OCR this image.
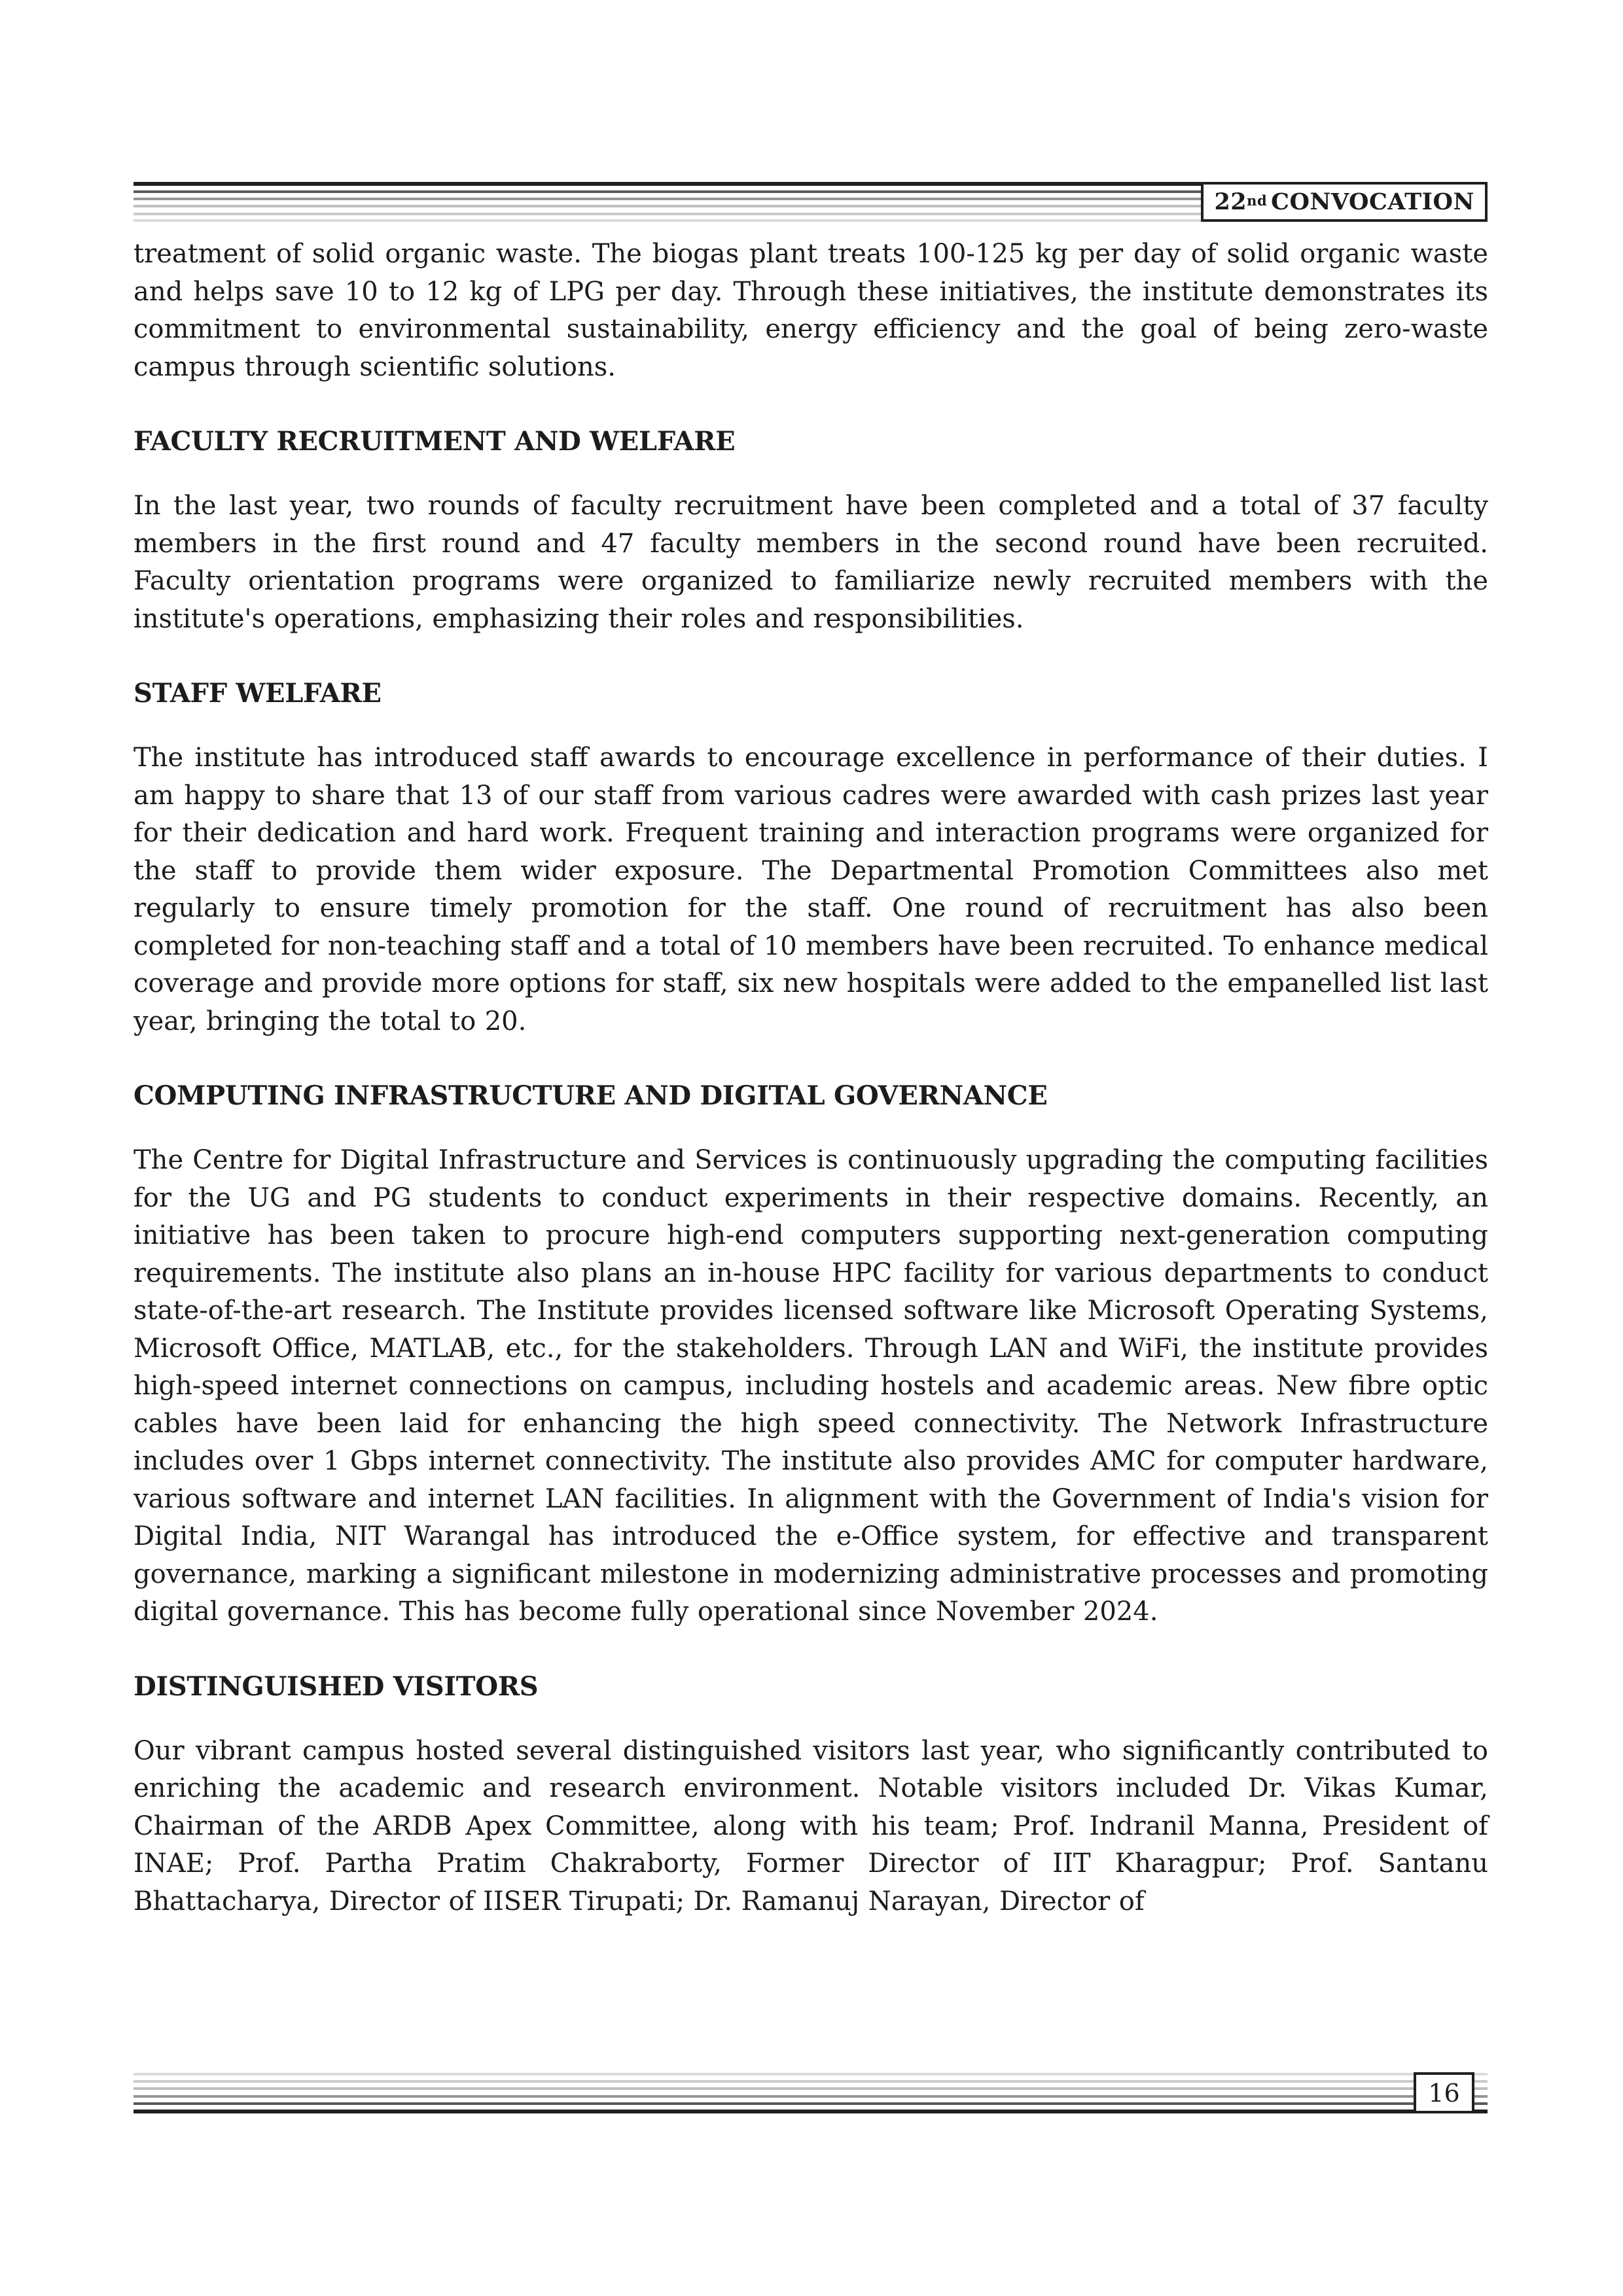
22nd CONVOCATION

treatment of solid organic waste. The biogas plant treats 100-125 kg per day of solid organic waste and helps save 10 to 12 kg of LPG per day. Through these initiatives, the institute demonstrates its commitment to environmental sustainability, energy efficiency and the goal of being zero-waste campus through scientific solutions.

FACULTY RECRUITMENT AND WELFARE

In the last year, two rounds of faculty recruitment have been completed and a total of 37 faculty members in the first round and 47 faculty members in the second round have been recruited. Faculty orientation programs were organized to familiarize newly recruited members with the institute's operations, emphasizing their roles and responsibilities.

STAFF WELFARE

The institute has introduced staff awards to encourage excellence in performance of their duties. I am happy to share that 13 of our staff from various cadres were awarded with cash prizes last year for their dedication and hard work. Frequent training and interaction programs were organized for the staff to provide them wider exposure. The Departmental Promotion Committees also met regularly to ensure timely promotion for the staff. One round of recruitment has also been completed for non-teaching staff and a total of 10 members have been recruited. To enhance medical coverage and provide more options for staff, six new hospitals were added to the empanelled list last year, bringing the total to 20.

COMPUTING INFRASTRUCTURE AND DIGITAL GOVERNANCE

The Centre for Digital Infrastructure and Services is continuously upgrading the computing facilities for the UG and PG students to conduct experiments in their respective domains. Recently, an initiative has been taken to procure high-end computers supporting next-generation computing requirements. The institute also plans an in-house HPC facility for various departments to conduct state-of-the-art research. The Institute provides licensed software like Microsoft Operating Systems, Microsoft Office, MATLAB, etc., for the stakeholders. Through LAN and WiFi, the institute provides high-speed internet connections on campus, including hostels and academic areas. New fibre optic cables have been laid for enhancing the high speed connectivity. The Network Infrastructure includes over 1 Gbps internet connectivity. The institute also provides AMC for computer hardware, various software and internet LAN facilities. In alignment with the Government of India's vision for Digital India, NIT Warangal has introduced the e-Office system, for effective and transparent governance, marking a significant milestone in modernizing administrative processes and promoting digital governance. This has become fully operational since November 2024.

DISTINGUISHED VISITORS

Our vibrant campus hosted several distinguished visitors last year, who significantly contributed to enriching the academic and research environment. Notable visitors included Dr. Vikas Kumar, Chairman of the ARDB Apex Committee, along with his team; Prof. Indranil Manna, President of INAE; Prof. Partha Pratim Chakraborty, Former Director of IIT Kharagpur; Prof. Santanu Bhattacharya, Director of IISER Tirupati; Dr. Ramanuj Narayan, Director of

16
